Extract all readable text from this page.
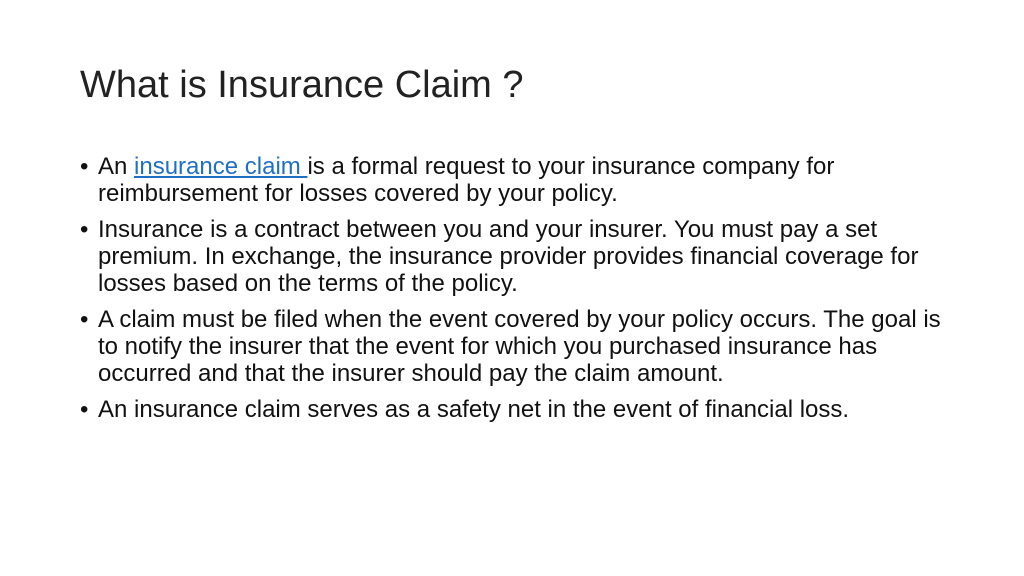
What is Insurance Claim ?
• An insurance claim is a formal request to your insurance company for reimbursement for losses covered by your policy.
• Insurance is a contract between you and your insurer. You must pay a set premium. In exchange, the insurance provider provides financial coverage for losses based on the terms of the policy.
• A claim must be filed when the event covered by your policy occurs. The goal is to notify the insurer that the event for which you purchased insurance has occurred and that the insurer should pay the claim amount.
• An insurance claim serves as a safety net in the event of financial loss.
